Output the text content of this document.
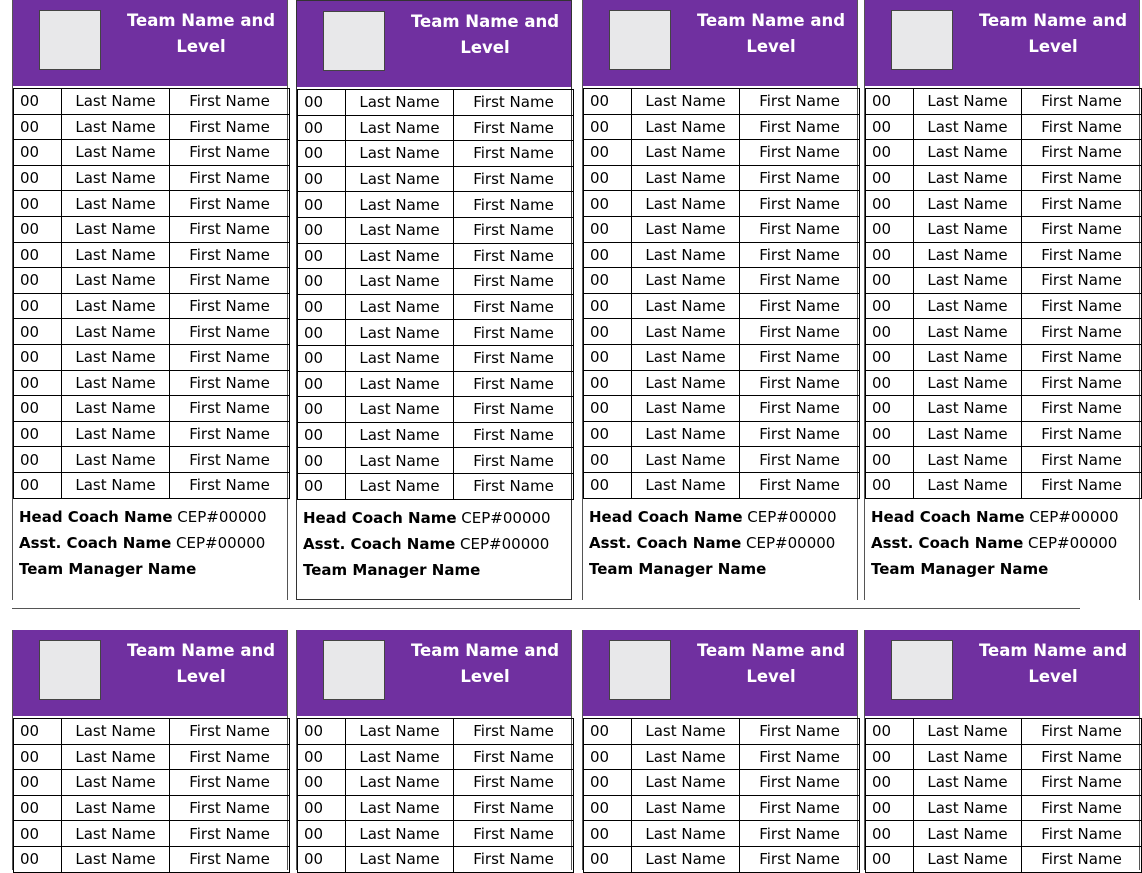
Team Name and
Level
00	Last Name	First Name
00	Last Name	First Name
00	Last Name	First Name
00	Last Name	First Name
00	Last Name	First Name
00	Last Name	First Name
00	Last Name	First Name
00	Last Name	First Name
00	Last Name	First Name
00	Last Name	First Name
00	Last Name	First Name
00	Last Name	First Name
00	Last Name	First Name
00	Last Name	First Name
00	Last Name	First Name
00	Last Name	First Name
Head Coach Name CEP#00000
Asst. Coach Name CEP#00000
Team Manager Name
Team Name and
Level
00	Last Name	First Name
00	Last Name	First Name
00	Last Name	First Name
00	Last Name	First Name
00	Last Name	First Name
00	Last Name	First Name
00	Last Name	First Name
00	Last Name	First Name
00	Last Name	First Name
00	Last Name	First Name
00	Last Name	First Name
00	Last Name	First Name
00	Last Name	First Name
00	Last Name	First Name
00	Last Name	First Name
00	Last Name	First Name
Head Coach Name CEP#00000
Asst. Coach Name CEP#00000
Team Manager Name
Team Name and
Level
00	Last Name	First Name
00	Last Name	First Name
00	Last Name	First Name
00	Last Name	First Name
00	Last Name	First Name
00	Last Name	First Name
00	Last Name	First Name
00	Last Name	First Name
00	Last Name	First Name
00	Last Name	First Name
00	Last Name	First Name
00	Last Name	First Name
00	Last Name	First Name
00	Last Name	First Name
00	Last Name	First Name
00	Last Name	First Name
Head Coach Name CEP#00000
Asst. Coach Name CEP#00000
Team Manager Name
Team Name and
Level
00	Last Name	First Name
00	Last Name	First Name
00	Last Name	First Name
00	Last Name	First Name
00	Last Name	First Name
00	Last Name	First Name
00	Last Name	First Name
00	Last Name	First Name
00	Last Name	First Name
00	Last Name	First Name
00	Last Name	First Name
00	Last Name	First Name
00	Last Name	First Name
00	Last Name	First Name
00	Last Name	First Name
00	Last Name	First Name
Head Coach Name CEP#00000
Asst. Coach Name CEP#00000
Team Manager Name
Team Name and
Level
00	Last Name	First Name
00	Last Name	First Name
00	Last Name	First Name
00	Last Name	First Name
00	Last Name	First Name
00	Last Name	First Name
Team Name and
Level
00	Last Name	First Name
00	Last Name	First Name
00	Last Name	First Name
00	Last Name	First Name
00	Last Name	First Name
00	Last Name	First Name
Team Name and
Level
00	Last Name	First Name
00	Last Name	First Name
00	Last Name	First Name
00	Last Name	First Name
00	Last Name	First Name
00	Last Name	First Name
Team Name and
Level
00	Last Name	First Name
00	Last Name	First Name
00	Last Name	First Name
00	Last Name	First Name
00	Last Name	First Name
00	Last Name	First Name
